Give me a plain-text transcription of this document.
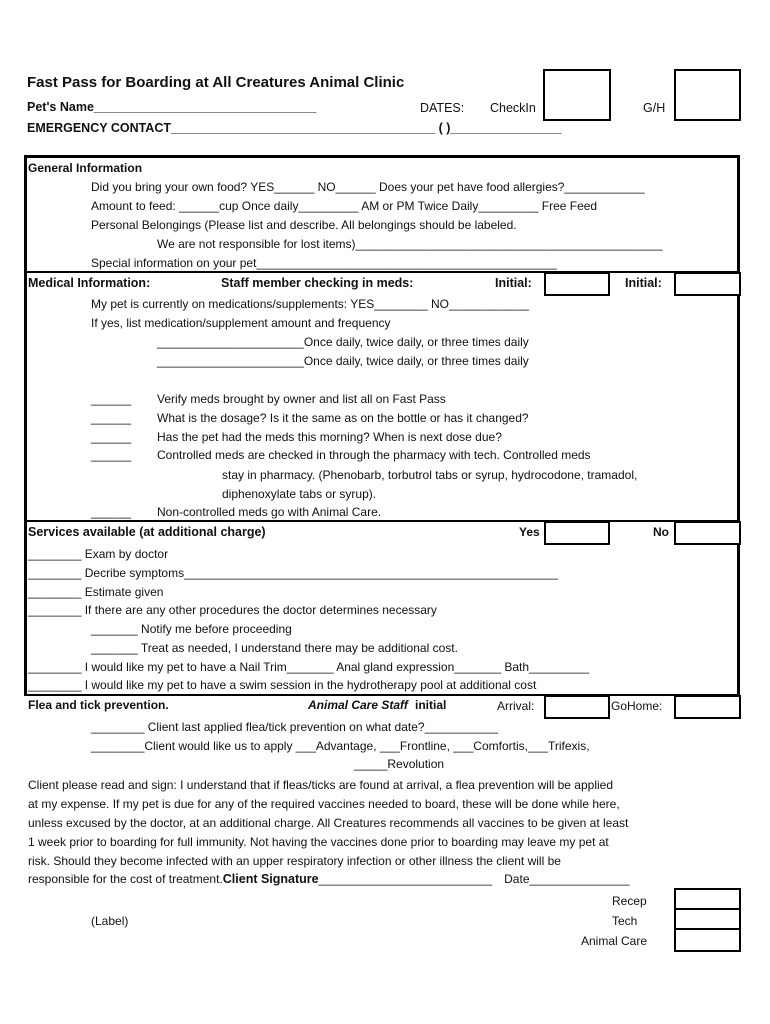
Fast Pass for Boarding at All Creatures Animal Clinic
Pet's Name________________________________	DATES: CheckIn	G/H
EMERGENCY CONTACT______________________________________ ( )________________
General Information
Did you bring your own food? YES______ NO______ Does your pet have food allergies?____________
Amount to feed: ______cup Once daily_________ AM or PM Twice Daily_________ Free Feed
Personal Belongings (Please list and describe. All belongings should be labeled.
We are not responsible for lost items)______________________________________________
Special information on your pet_____________________________________________
Medical Information:	Staff member checking in meds:	Initial:	Initial:
My pet is currently on medications/supplements: YES________ NO____________
If yes, list medication/supplement amount and frequency
______________________Once daily, twice daily, or three times daily
______________________Once daily, twice daily, or three times daily
______ Verify meds brought by owner and list all on Fast Pass
______ What is the dosage? Is it the same as on the bottle or has it changed?
______ Has the pet had the meds this morning? When is next dose due?
______ Controlled meds are checked in through the pharmacy with tech. Controlled meds
stay in pharmacy. (Phenobarb, torbutrol tabs or syrup, hydrocodone, tramadol,
diphenoxylate tabs or syrup).
______ Non-controlled meds go with Animal Care.
Services available (at additional charge)	Yes	No
________ Exam by doctor
________ Decribe symptoms________________________________________________________
________ Estimate given
________ If there are any other procedures the doctor determines necessary
_______ Notify me before proceeding
_______ Treat as needed, I understand there may be additional cost.
________ I would like my pet to have a Nail Trim_______ Anal gland expression_______ Bath_________
________ I would like my pet to have a swim session in the hydrotherapy pool at additional cost
Flea and tick prevention.	Animal Care Staff initial	Arrival:	GoHome:
________ Client last applied flea/tick prevention on what date?___________
________Client would like us to apply ___Advantage, ___Frontline, ___Comfortis,___Trifexis,
_____Revolution
Client please read and sign: I understand that if fleas/ticks are found at arrival, a flea prevention will be applied
at my expense. If my pet is due for any of the required vaccines needed to board, these will be done while here,
unless excused by the doctor, at an additional charge. All Creatures recommends all vaccines to be given at least
1 week prior to boarding for full immunity. Not having the vaccines done prior to boarding may leave my pet at
risk. Should they become infected with an upper respiratory infection or other illness the client will be
responsible for the cost of treatment.Client Signature__________________________ Date_______________
(Label)
Recep
Tech
Animal Care
